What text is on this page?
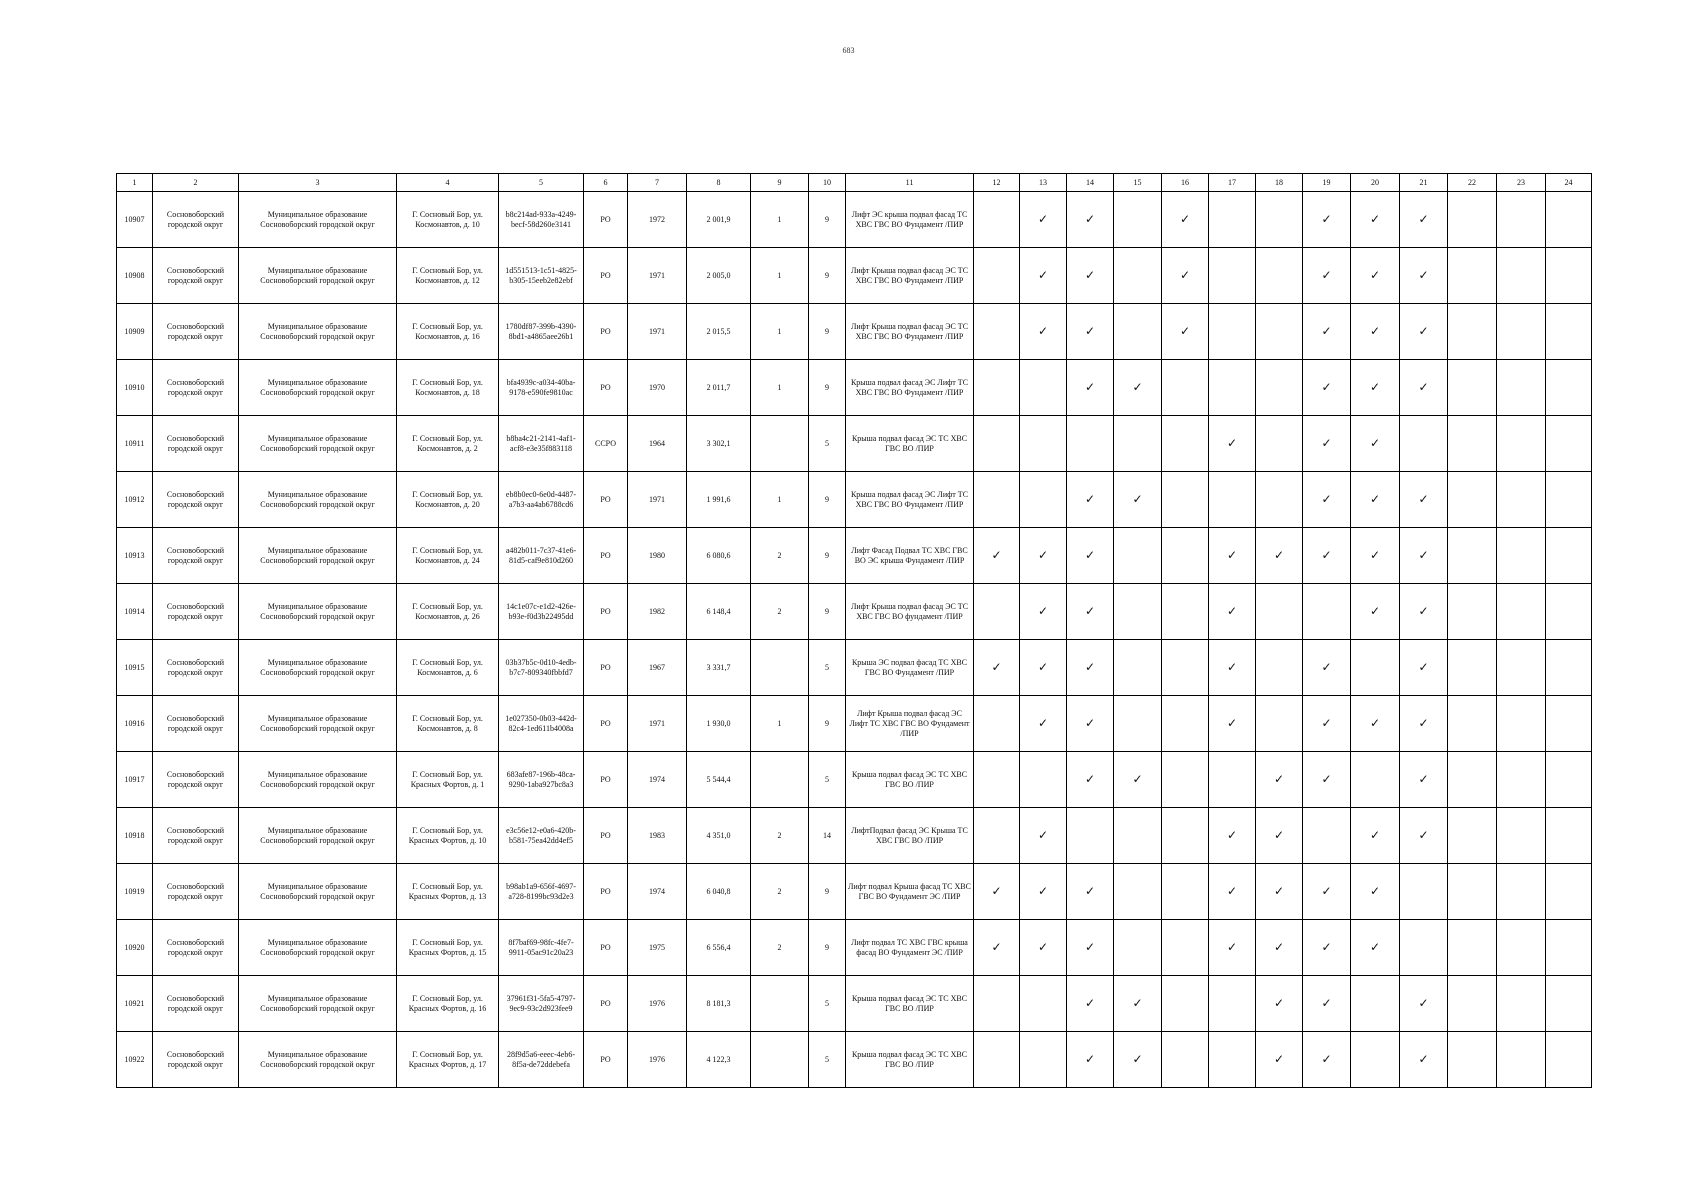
683
1	2	3	4	5	6	7	8	9	10	11	12	13	14	15	16	17	18	19	20	21	22	23	24
10907	Сосновоборский городской округ	Муниципальное образование Сосновоборский городской округ	Г. Сосновый Бор, ул. Космонавтов, д. 10	b8c214ad-933a-4249-becf-58d260e3141	РО	1972	2 001,9	1	9	Лифт ЭС крыша подвал фасад ТС ХВС ГВС ВО Фундамент /ПИР		✓	✓		✓			✓	✓	✓			
10908	Сосновоборский городской округ	Муниципальное образование Сосновоборский городской округ	Г. Сосновый Бор, ул. Космонавтов, д. 12	1d551513-1c51-4825-b305-15eeb2e82ebf	РО	1971	2 005,0	1	9	Лифт Крыша подвал фасад ЭС ТС ХВС ГВС ВО Фундамент /ПИР		✓	✓		✓			✓	✓	✓			
10909	Сосновоборский городской округ	Муниципальное образование Сосновоборский городской округ	Г. Сосновый Бор, ул. Космонавтов, д. 16	1780df87-399b-4390-8bd1-a4865aee26b1	РО	1971	2 015,5	1	9	Лифт Крыша подвал фасад ЭС ТС ХВС ГВС ВО Фундамент /ПИР		✓	✓		✓			✓	✓	✓			
10910	Сосновоборский городской округ	Муниципальное образование Сосновоборский городской округ	Г. Сосновый Бор, ул. Космонавтов, д. 18	bfa4939c-a034-40ba-9178-e590fe9810ac	РО	1970	2 011,7	1	9	Крыша подвал фасад ЭС Лифт ТС ХВС ГВС ВО Фундамент /ПИР			✓	✓				✓	✓	✓			
10911	Сосновоборский городской округ	Муниципальное образование Сосновоборский городской округ	Г. Сосновый Бор, ул. Космонавтов, д. 2	b8ba4c21-2141-4af1-acf8-e3e35f883118	ССРО	1964	3 302,1		5	Крыша подвал фасад ЭС ТС ХВС ГВС ВО /ПИР						✓		✓	✓				
10912	Сосновоборский городской округ	Муниципальное образование Сосновоборский городской округ	Г. Сосновый Бор, ул. Космонавтов, д. 20	eb8b0ec0-6e0d-4487-a7b3-aa4ab6788cd6	РО	1971	1 991,6	1	9	Крыша подвал фасад ЭС Лифт ТС ХВС ГВС ВО Фундамент /ПИР			✓	✓				✓	✓	✓			
10913	Сосновоборский городской округ	Муниципальное образование Сосновоборский городской округ	Г. Сосновый Бор, ул. Космонавтов, д. 24	a482b011-7c37-41e6-81d5-caf9e810d260	РО	1980	6 080,6	2	9	Лифт Фасад Подвал ТС ХВС ГВС ВО ЭС крыша Фундамент /ПИР	✓	✓	✓			✓	✓	✓	✓	✓			
10914	Сосновоборский городской округ	Муниципальное образование Сосновоборский городской округ	Г. Сосновый Бор, ул. Космонавтов, д. 26	14c1e07c-e1d2-426e-b93e-f0d3b22495dd	РО	1982	6 148,4	2	9	Лифт Крыша подвал фасад ЭС ТС ХВС ГВС ВО фундамент /ПИР		✓	✓			✓			✓	✓			
10915	Сосновоборский городской округ	Муниципальное образование Сосновоборский городской округ	Г. Сосновый Бор, ул. Космонавтов, д. 6	03b37b5c-0d10-4edb-b7c7-809340fbbfd7	РО	1967	3 331,7		5	Крыша ЭС подвал фасад ТС ХВС ГВС ВО Фундамент /ПИР	✓	✓	✓			✓		✓		✓			
10916	Сосновоборский городской округ	Муниципальное образование Сосновоборский городской округ	Г. Сосновый Бор, ул. Космонавтов, д. 8	1e027350-0b03-442d-82c4-1ed611b4008a	РО	1971	1 930,0	1	9	Лифт Крыша подвал фасад ЭС Лифт ТС ХВС ГВС ВО Фундамент /ПИР		✓	✓			✓		✓	✓	✓			
10917	Сосновоборский городской округ	Муниципальное образование Сосновоборский городской округ	Г. Сосновый Бор, ул. Красных Фортов, д. 1	683afe87-196b-48ca-9290-1aba927bc8a3	РО	1974	5 544,4		5	Крыша подвал фасад ЭС ТС ХВС ГВС ВО /ПИР			✓	✓			✓	✓		✓			
10918	Сосновоборский городской округ	Муниципальное образование Сосновоборский городской округ	Г. Сосновый Бор, ул. Красных Фортов, д. 10	e3c56e12-e0a6-420b-b581-75ea42dd4ef5	РО	1983	4 351,0	2	14	ЛифтПодвал фасад ЭС Крыша ТС ХВС ГВС ВО /ПИР		✓				✓	✓		✓	✓			
10919	Сосновоборский городской округ	Муниципальное образование Сосновоборский городской округ	Г. Сосновый Бор, ул. Красных Фортов, д. 13	b98ab1a9-656f-4697-a728-8199bc93d2e3	РО	1974	6 040,8	2	9	Лифт подвал Крыша фасад ТС ХВС ГВС ВО Фундамент ЭС /ПИР	✓	✓	✓			✓	✓	✓	✓				
10920	Сосновоборский городской округ	Муниципальное образование Сосновоборский городской округ	Г. Сосновый Бор, ул. Красных Фортов, д. 15	8f7baf69-98fc-4fe7-9911-05ac91c20a23	РО	1975	6 556,4	2	9	Лифт подвал ТС ХВС ГВС крыша фасад ВО Фундамент ЭС /ПИР	✓	✓	✓			✓	✓	✓	✓				
10921	Сосновоборский городской округ	Муниципальное образование Сосновоборский городской округ	Г. Сосновый Бор, ул. Красных Фортов, д. 16	37961f31-5fa5-4797-9ec9-93c2d923fee9	РО	1976	8 181,3		5	Крыша подвал фасад ЭС ТС ХВС ГВС ВО /ПИР			✓	✓			✓	✓		✓			
10922	Сосновоборский городской округ	Муниципальное образование Сосновоборский городской округ	Г. Сосновый Бор, ул. Красных Фортов, д. 17	28f9d5a6-eeec-4eb6-8f5a-de72ddebefa	РО	1976	4 122,3		5	Крыша подвал фасад ЭС ТС ХВС ГВС ВО /ПИР			✓	✓			✓	✓		✓			
